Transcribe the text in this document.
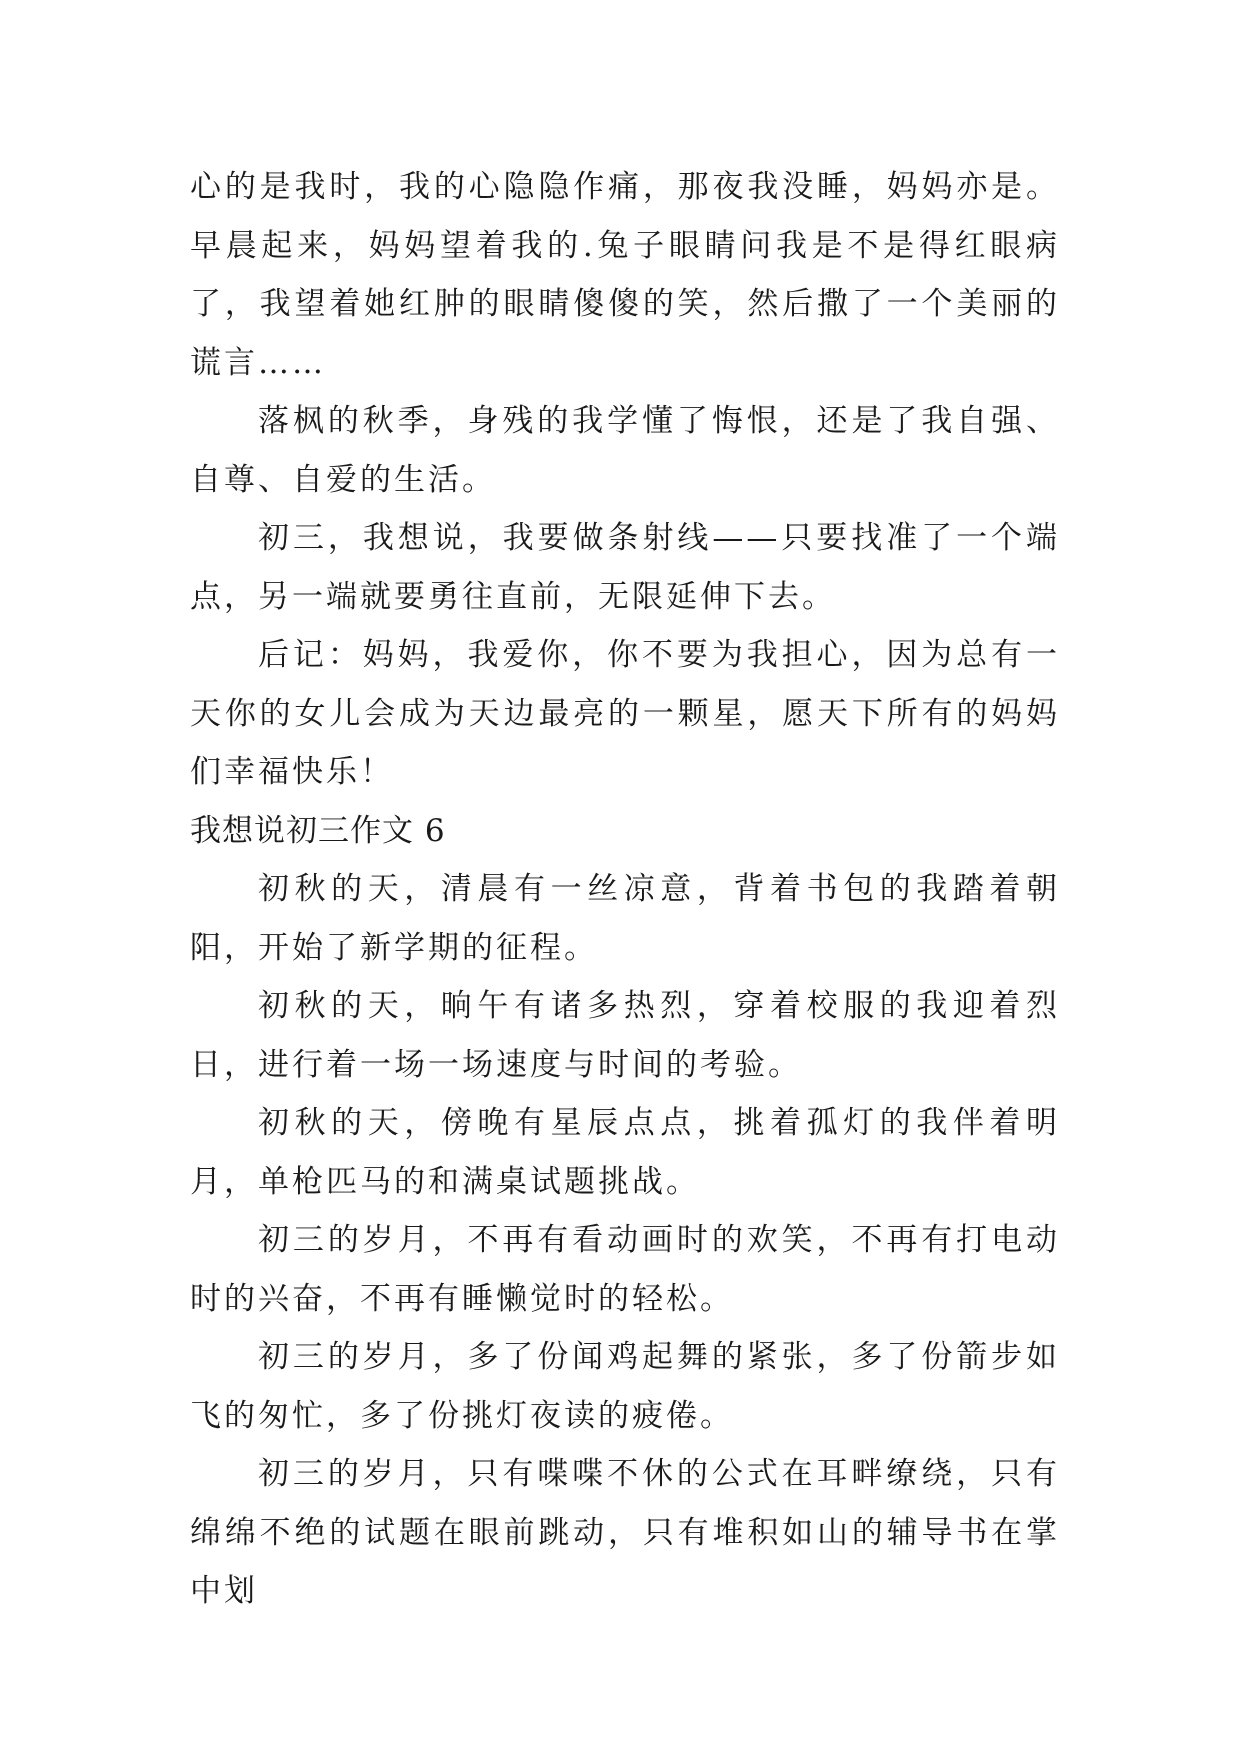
心的是我时，我的心隐隐作痛，那夜我没睡，妈妈亦是。早晨起来，妈妈望着我的.兔子眼睛问我是不是得红眼病了，我望着她红肿的眼睛傻傻的笑，然后撒了一个美丽的谎言……

落枫的秋季，身残的我学懂了悔恨，还是了我自强、自尊、自爱的生活。

初三，我想说，我要做条射线——只要找准了一个端点，另一端就要勇往直前，无限延伸下去。

后记：妈妈，我爱你，你不要为我担心，因为总有一天你的女儿会成为天边最亮的一颗星，愿天下所有的妈妈们幸福快乐！

我想说初三作文 6

初秋的天，清晨有一丝凉意，背着书包的我踏着朝阳，开始了新学期的征程。

初秋的天，晌午有诸多热烈，穿着校服的我迎着烈日，进行着一场一场速度与时间的考验。

初秋的天，傍晚有星辰点点，挑着孤灯的我伴着明月，单枪匹马的和满桌试题挑战。

初三的岁月，不再有看动画时的欢笑，不再有打电动时的兴奋，不再有睡懒觉时的轻松。

初三的岁月，多了份闻鸡起舞的紧张，多了份箭步如飞的匆忙，多了份挑灯夜读的疲倦。

初三的岁月，只有喋喋不休的公式在耳畔缭绕，只有绵绵不绝的试题在眼前跳动，只有堆积如山的辅导书在掌中划
